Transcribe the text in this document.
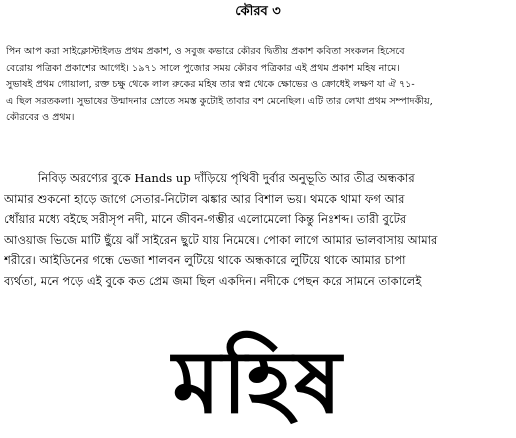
কৌরব ৩
পিন আপ করা সাইক্লোস্টাইলড প্রথম প্রকাশ, ও সবুজ কভারে কৌরব দ্বিতীয় প্রকাশ কবিতা সংকলন হিসেবে
বেরোয় পত্রিকা প্রকাশের আগেই। ১৯৭১ সালে পুজোর সময় কৌরব পত্রিকার এই প্রথম প্রকাশ মহিষ নামে।
সুভাষই প্রথম গোয়ালা, রক্ত চক্ষু থেকে লাল রুকের মহিষ তার স্বপ্ন থেকে ক্ষোভের ও ক্রোধেই লক্ষণ যা ঐ ৭১-
এ ছিল সরতকলা। সুভাষের উন্মাদনার স্রোতে সমস্ত কুটোই তাবার বশ মেনেছিল। এটি তার লেখা প্রথম সম্পাদকীয়,
কৌরবের ও প্রথম।
নিবিড় অরণ্যের বুকে Hands up দাঁড়িয়ে পৃথিবী দুর্বার অনুভূতি আর তীব্র অন্ধকার
আমার শুকনো হাড়ে জাগে সেতার-নিটোল ঝঙ্কার আর বিশাল ভয়। থমকে থামা ফগ আর
ধোঁয়ার মধ্যে বইছে সরীসৃপ নদী, মানে জীবন-গম্ভীর এলোমেলো কিন্তু নিঃশব্দ। তারী বুটের
আওয়াজ ভিজে মাটি ছুঁয়ে ঝাঁ সাইরেন ছুটে যায় নিমেষে। পোকা লাগে আমার ভালবাসায় আমার
শরীরে। আইডিনের গন্ধে ভেজা শালবন লুটিয়ে থাকে অন্ধকারে লুটিয়ে থাকে আমার চাপা
ব্যর্থতা, মনে পড়ে এই বুকে কত প্রেম জমা ছিল একদিন। নদীকে পেছন করে সামনে তাকালেই
মহিষ
